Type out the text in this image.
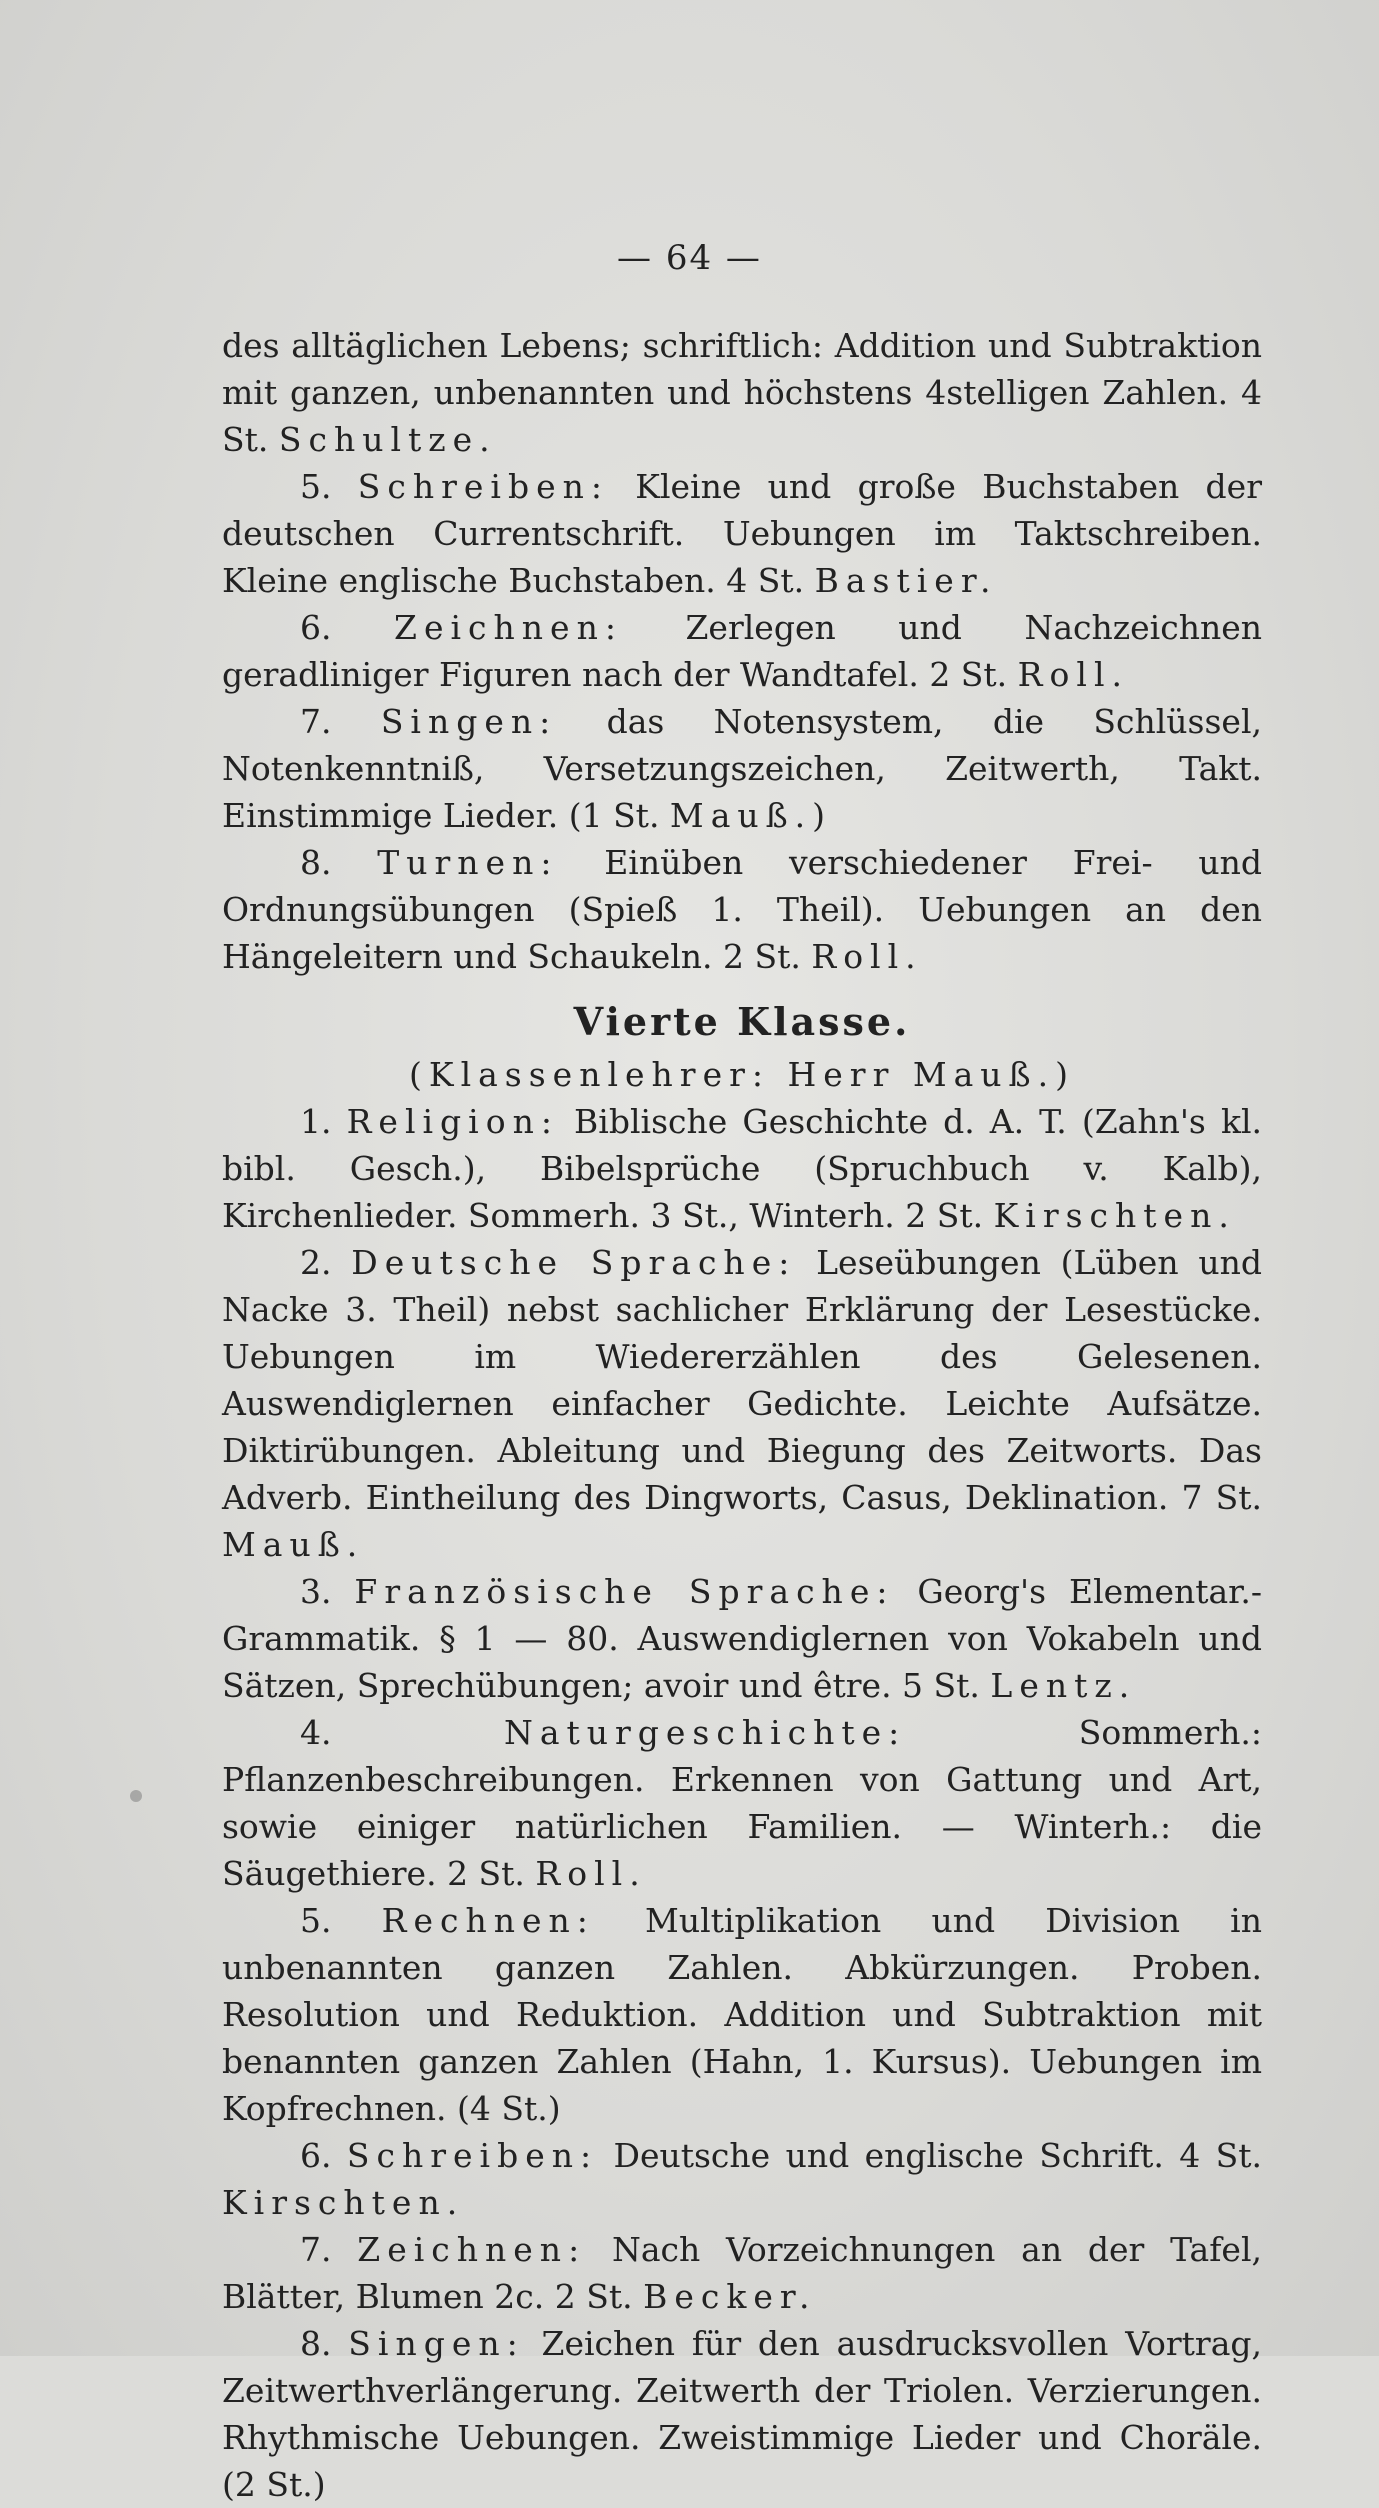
— 64 —

des alltäglichen Lebens; schriftlich: Addition und Subtraktion mit ganzen, unbenannten und höchstens 4stelligen Zahlen. 4 St. Schultze.

5. Schreiben: Kleine und große Buchstaben der deutschen Currentschrift. Uebungen im Taktschreiben. Kleine englische Buchstaben. 4 St. Bastier.

6. Zeichnen: Zerlegen und Nachzeichnen geradliniger Figuren nach der Wandtafel. 2 St. Roll.

7. Singen: das Notensystem, die Schlüssel, Notenkenntniß, Versetzungszeichen, Zeitwerth, Takt. Einstimmige Lieder. (1 St. Mauß.)

8. Turnen: Einüben verschiedener Frei- und Ordnungsübungen (Spieß 1. Theil). Uebungen an den Hängeleitern und Schaukeln. 2 St. Roll.

Vierte Klasse.

(Klassenlehrer: Herr Mauß.)

1. Religion: Biblische Geschichte d. A. T. (Zahn's kl. bibl. Gesch.), Bibelsprüche (Spruchbuch v. Kalb), Kirchenlieder. Sommerh. 3 St., Winterh. 2 St. Kirschten.

2. Deutsche Sprache: Leseübungen (Lüben und Nacke 3. Theil) nebst sachlicher Erklärung der Lesestücke. Uebungen im Wiedererzählen des Gelesenen. Auswendiglernen einfacher Gedichte. Leichte Aufsätze. Diktirübungen. Ableitung und Biegung des Zeitworts. Das Adverb. Eintheilung des Dingworts, Casus, Deklination. 7 St. Mauß.

3. Französische Sprache: Georg's Elementar.-Grammatik. § 1 — 80. Auswendiglernen von Vokabeln und Sätzen, Sprechübungen; avoir und être. 5 St. Lentz.

4. Naturgeschichte: Sommerh.: Pflanzenbeschreibungen. Erkennen von Gattung und Art, sowie einiger natürlichen Familien. — Winterh.: die Säugethiere. 2 St. Roll.

5. Rechnen: Multiplikation und Division in unbenannten ganzen Zahlen. Abkürzungen. Proben. Resolution und Reduktion. Addition und Subtraktion mit benannten ganzen Zahlen (Hahn, 1. Kursus). Uebungen im Kopfrechnen. (4 St.)

6. Schreiben: Deutsche und englische Schrift. 4 St. Kirschten.

7. Zeichnen: Nach Vorzeichnungen an der Tafel, Blätter, Blumen 2c. 2 St. Becker.

8. Singen: Zeichen für den ausdrucksvollen Vortrag, Zeitwerthverlängerung. Zeitwerth der Triolen. Verzierungen. Rhythmische Uebungen. Zweistimmige Lieder und Choräle. (2 St.)
